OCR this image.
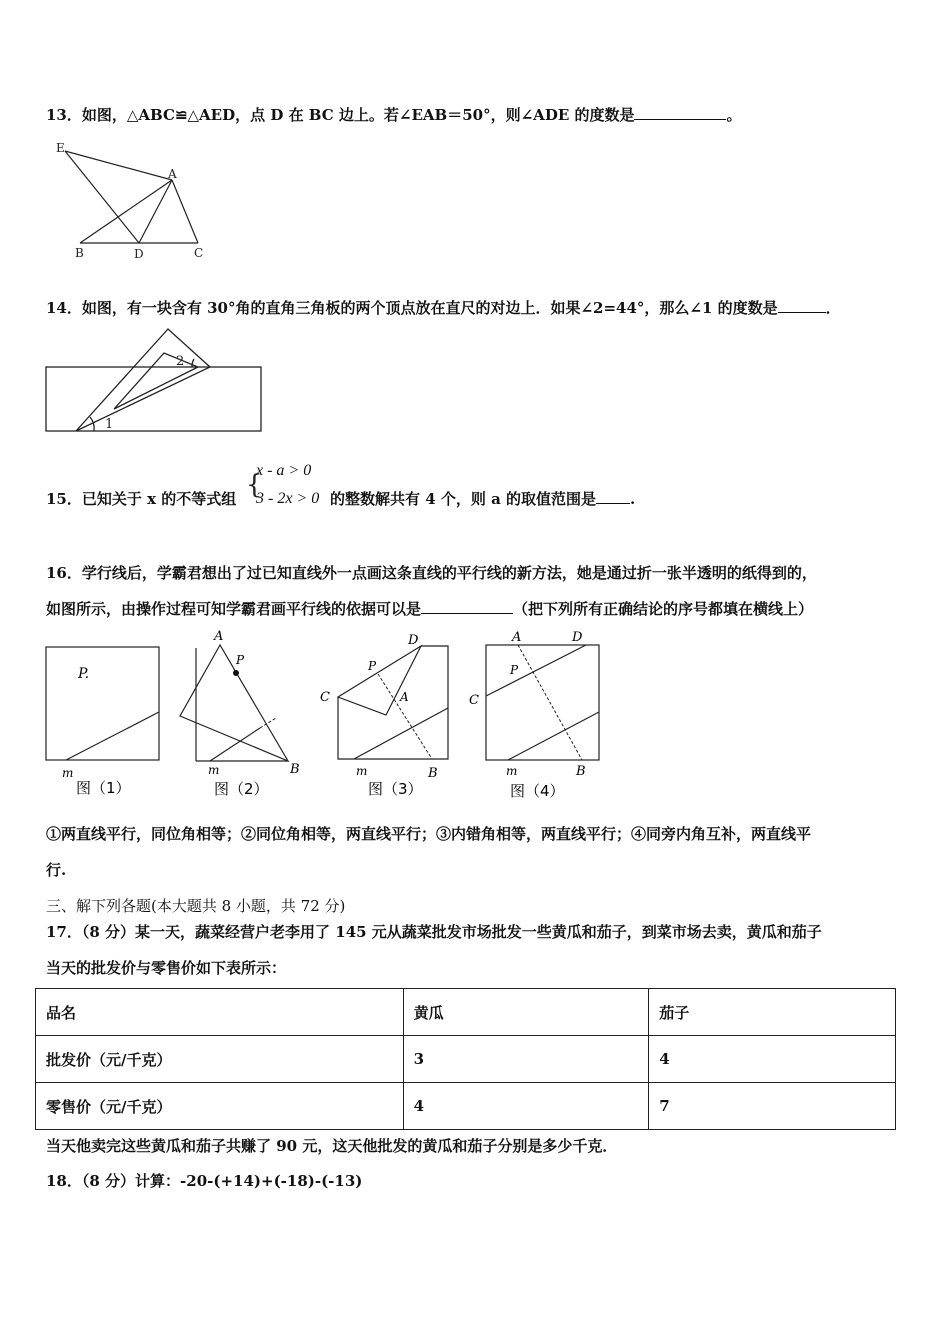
13．如图，△ABC≌△AED，点 D 在 BC 边上。若∠EAB＝50°，则∠ADE 的度数是	。
E
A
B	D	C
14．如图，有一块含有 30°角的直角三角板的两个顶点放在直尺的对边上．如果∠2=44°，那么∠1 的度数是	．
1
2
15．已知关于 x 的不等式组 {
x - a > 0
3 - 2x > 0 的整数解共有 4 个，则 a 的取值范围是 .
16．学行线后，学霸君想出了过已知直线外一点画这条直线的平行线的新方法，她是通过折一张半透明的纸得到的，
如图所示，由操作过程可知学霸君画平行线的依据可以是	（把下列所有正确结论的序号都填在横线上）
P.
m
图（1）
A
P
m	B
图（2）
D
P
C	A
m	B
图（3）
A	D
P
C
m	B
图（4）
①两直线平行，同位角相等；②同位角相等，两直线平行；③内错角相等，两直线平行；④同旁内角互补，两直线平
行.
三、解下列各题(本大题共 8 小题，共 72 分)
17．（8 分）某一天，蔬菜经营户老李用了 145 元从蔬菜批发市场批发一些黄瓜和茄子，到菜市场去卖，黄瓜和茄子
当天的批发价与零售价如下表所示：
品名	黄瓜	茄子
批发价（元/千克）	3	4
零售价（元/千克）	4	7
当天他卖完这些黄瓜和茄子共赚了 90 元，这天他批发的黄瓜和茄子分别是多少千克．
18．（8 分）计算：-20-(+14)+(-18)-(-13)
